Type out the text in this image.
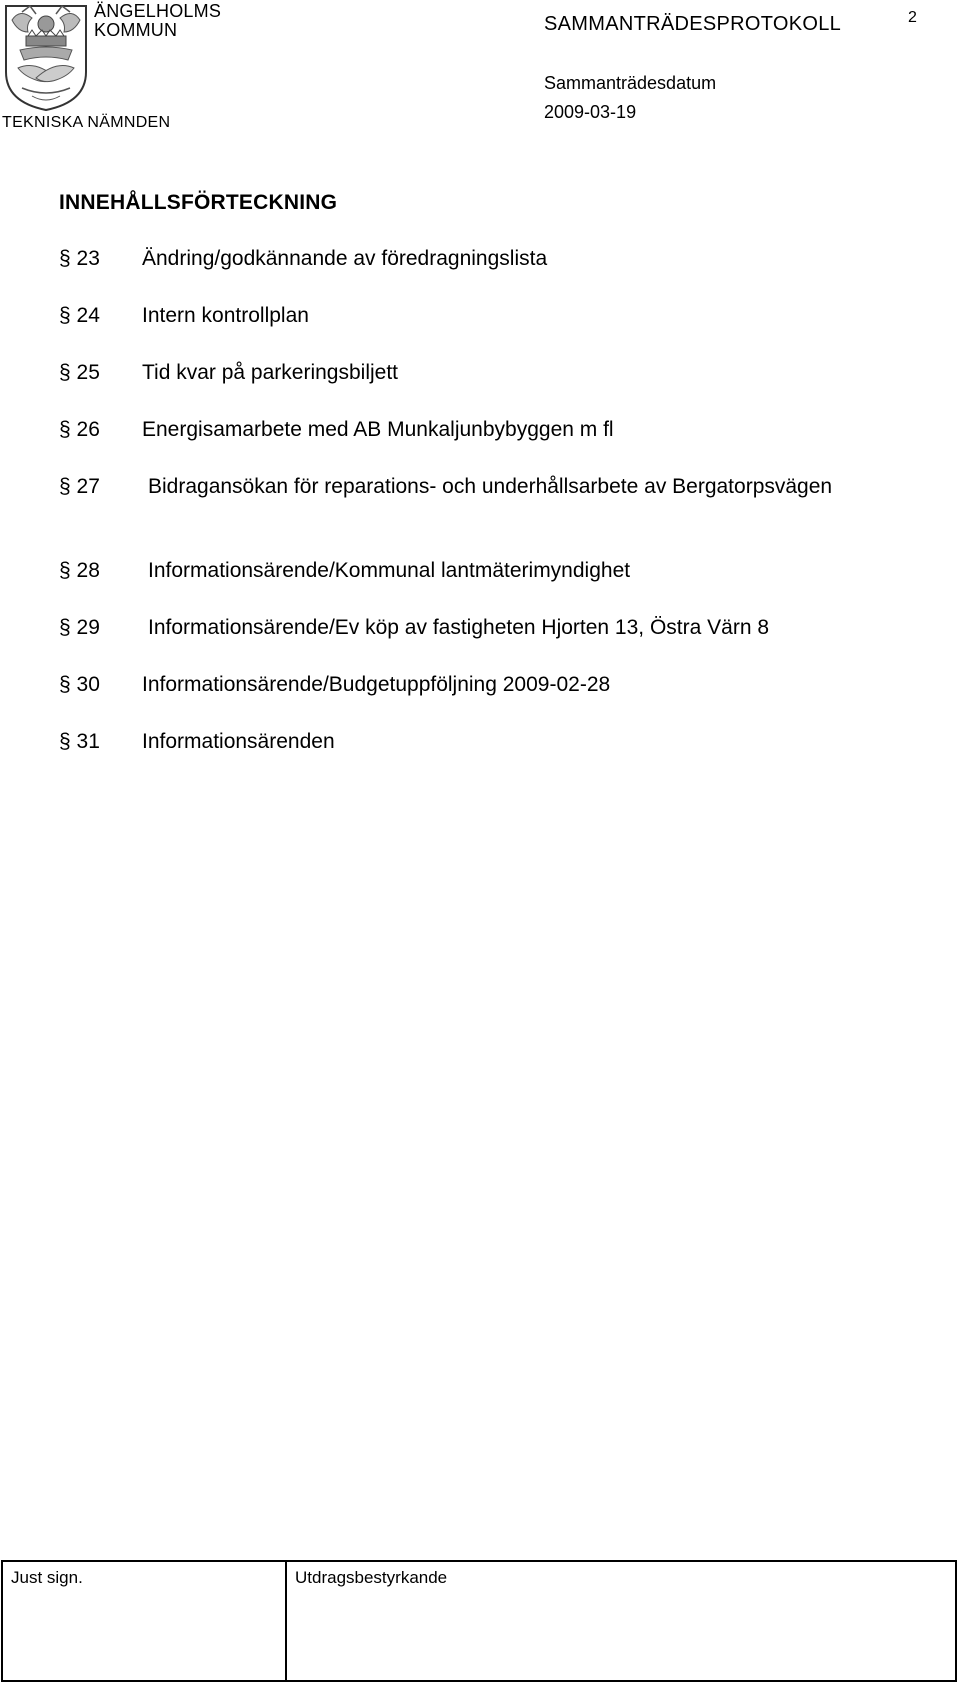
ÄNGELHOLMS
KOMMUN
TEKNISKA NÄMNDEN
SAMMANTRÄDESPROTOKOLL	2
Sammanträdesdatum
2009-03-19
INNEHÅLLSFÖRTECKNING
§ 23 Ändring/godkännande av föredragningslista
§ 24 Intern kontrollplan
§ 25 Tid kvar på parkeringsbiljett
§ 26 Energisamarbete med AB Munkaljunbybyggen m fl
§ 27 Bidragansökan för reparations- och underhållsarbete av Bergatorpsvägen
§ 28 Informationsärende/Kommunal lantmäterimyndighet
§ 29 Informationsärende/Ev köp av fastigheten Hjorten 13, Östra Värn 8
§ 30 Informationsärende/Budgetuppföljning 2009-02-28
§ 31 Informationsärenden
Just sign.	Utdragsbestyrkande
